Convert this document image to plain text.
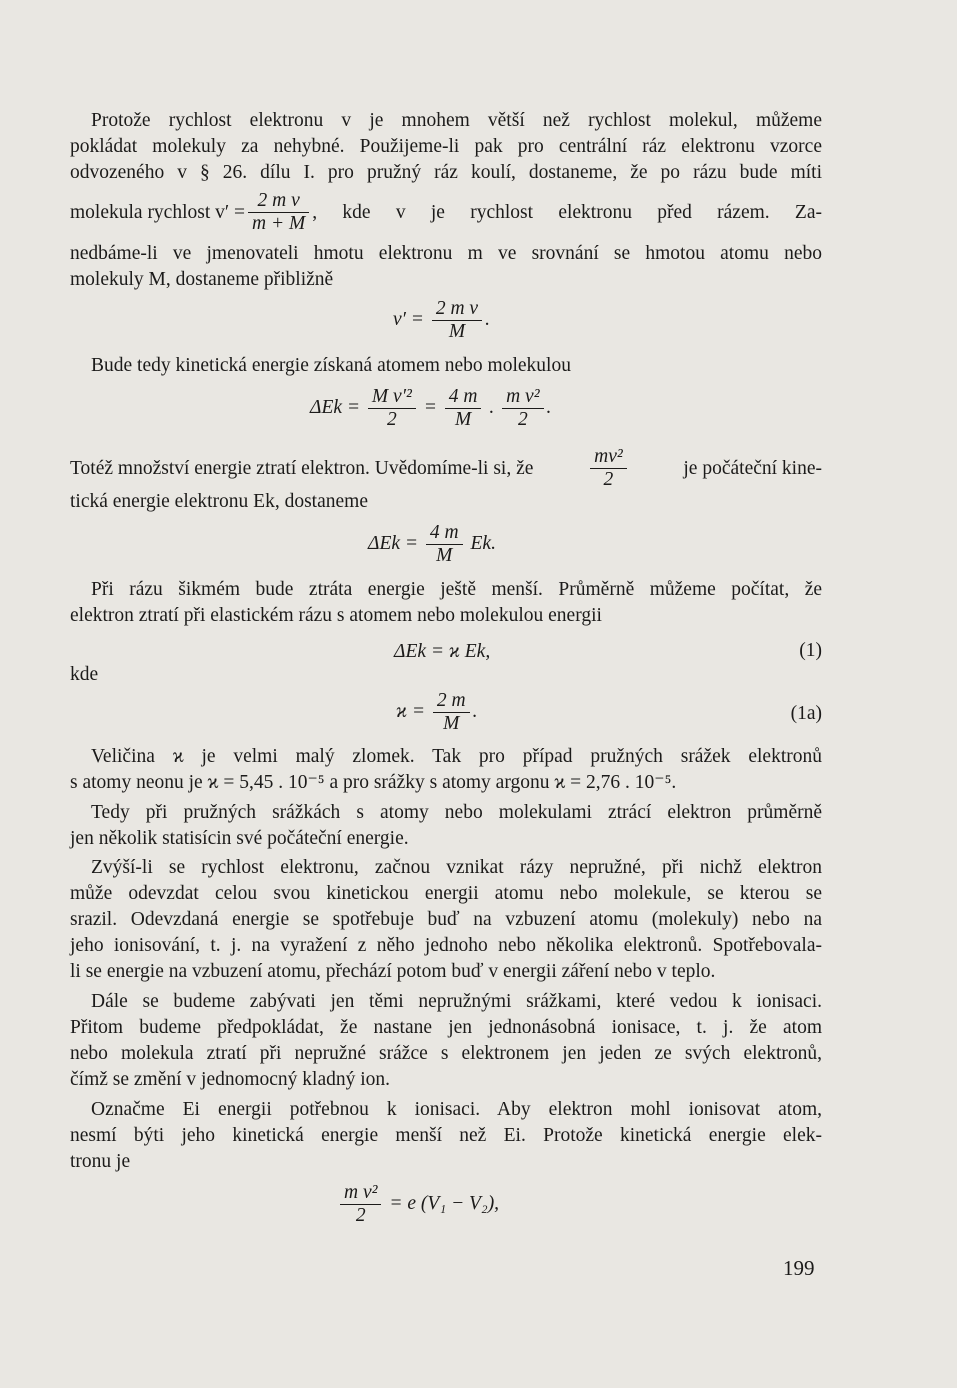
Protože rychlost elektronu v je mnohem větší než rychlost molekul, můžeme
pokládat molekuly za nehybné. Použijeme-li pak pro centrální ráz elektronu vzorce
odvozeného v § 26. dílu I. pro pružný ráz koulí, dostaneme, že po rázu bude míti
molekula rychlost $v' = \frac{\text{2 m v}}{m + M}$ , kde v je rychlost elektronu před rázem. Za-
nedbáme-li ve jmenovateli hmotu elektronu m ve srovnání se hmotou atomu nebo
molekuly M, dostaneme přibližně
$v' = \frac{\text{2 m v}}{M}$ .
Bude tedy kinetická energie získaná atomem nebo molekulou
$\Delta Ek = \frac{\text{M v′²}}{2} = \frac{4 m}{M}$ . $\frac{\text{m v²}}{2}$ .
Totéž množství energie ztratí elektron. Uvědomíme-li si, že	$\frac{\text{mv²}}{2}$	je počáteční kine-
tická energie elektronu Ek, dostaneme
$\Delta Ek = \frac{4 m}{M} Ek$.
Při rázu šikmém bude ztráta energie ještě menší. Průměrně můžeme počítat, že
elektron ztratí při elastickém rázu s atomem nebo molekulou energii
ΔEk = ϰ Ek,	(1)
kde
$ϰ = \frac{2 m}{M}$ .	(1a)
Veličina ϰ je velmi malý zlomek. Tak pro případ pružných srážek elektronů
s atomy neonu je ϰ = 5,45 . 10⁻⁵ a pro srážky s atomy argonu ϰ = 2,76 . 10⁻⁵.
Tedy při pružných srážkách s atomy nebo molekulami ztrácí elektron průměrně
jen několik statisícin své počáteční energie.
Zvýší-li se rychlost elektronu, začnou vznikat rázy nepružné, při nichž elektron
může odevzdat celou svou kinetickou energii atomu nebo molekule, se kterou se
srazil. Odevzdaná energie se spotřebuje buď na vzbuzení atomu (molekuly) nebo na
jeho ionisování, t. j. na vyražení z něho jednoho nebo několika elektronů. Spotřebovala-
li se energie na vzbuzení atomu, přechází potom buď v energii záření nebo v teplo.
Dále se budeme zabývati jen těmi nepružnými srážkami, které vedou k ionisaci.
Přitom budeme předpokládat, že nastane jen jednonásobná ionisace, t. j. že atom
nebo molekula ztratí při nepružné srážce s elektronem jen jeden ze svých elektronů,
čímž se změní v jednomocný kladný ion.
Označme Ei energii potřebnou k ionisaci. Aby elektron mohl ionisovat atom,
nesmí býti jeho kinetická energie menší než Ei. Protože kinetická energie elek-
tronu je
$\frac{\text{m v²}}{2} = e$ (V₁ − V₂),
199
